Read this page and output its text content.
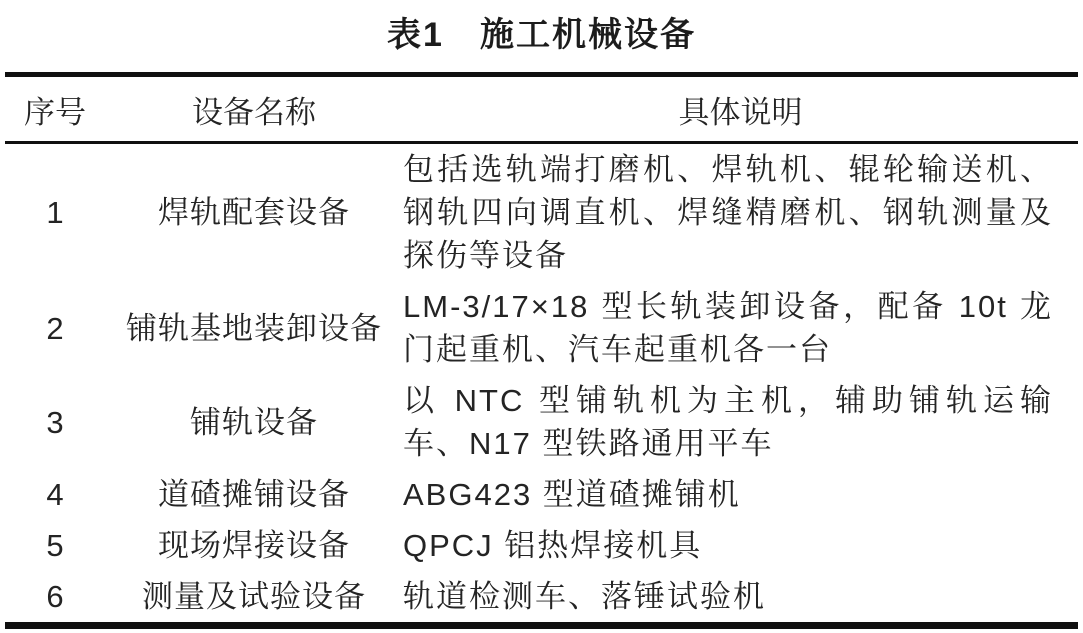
表1　施工机械设备
序号	设备名称	具体说明
1	焊轨配套设备	包括选轨端打磨机、焊轨机、辊轮输送机、钢轨四向调直机、焊缝精磨机、钢轨测量及探伤等设备
2	铺轨基地装卸设备	LM-3/17×18 型长轨装卸设备，配备 10t 龙门起重机、汽车起重机各一台
3	铺轨设备	以 NTC 型铺轨机为主机，辅助铺轨运输车、N17 型铁路通用平车
4	道碴摊铺设备	ABG423 型道碴摊铺机
5	现场焊接设备	QPCJ 铝热焊接机具
6	测量及试验设备	轨道检测车、落锤试验机
